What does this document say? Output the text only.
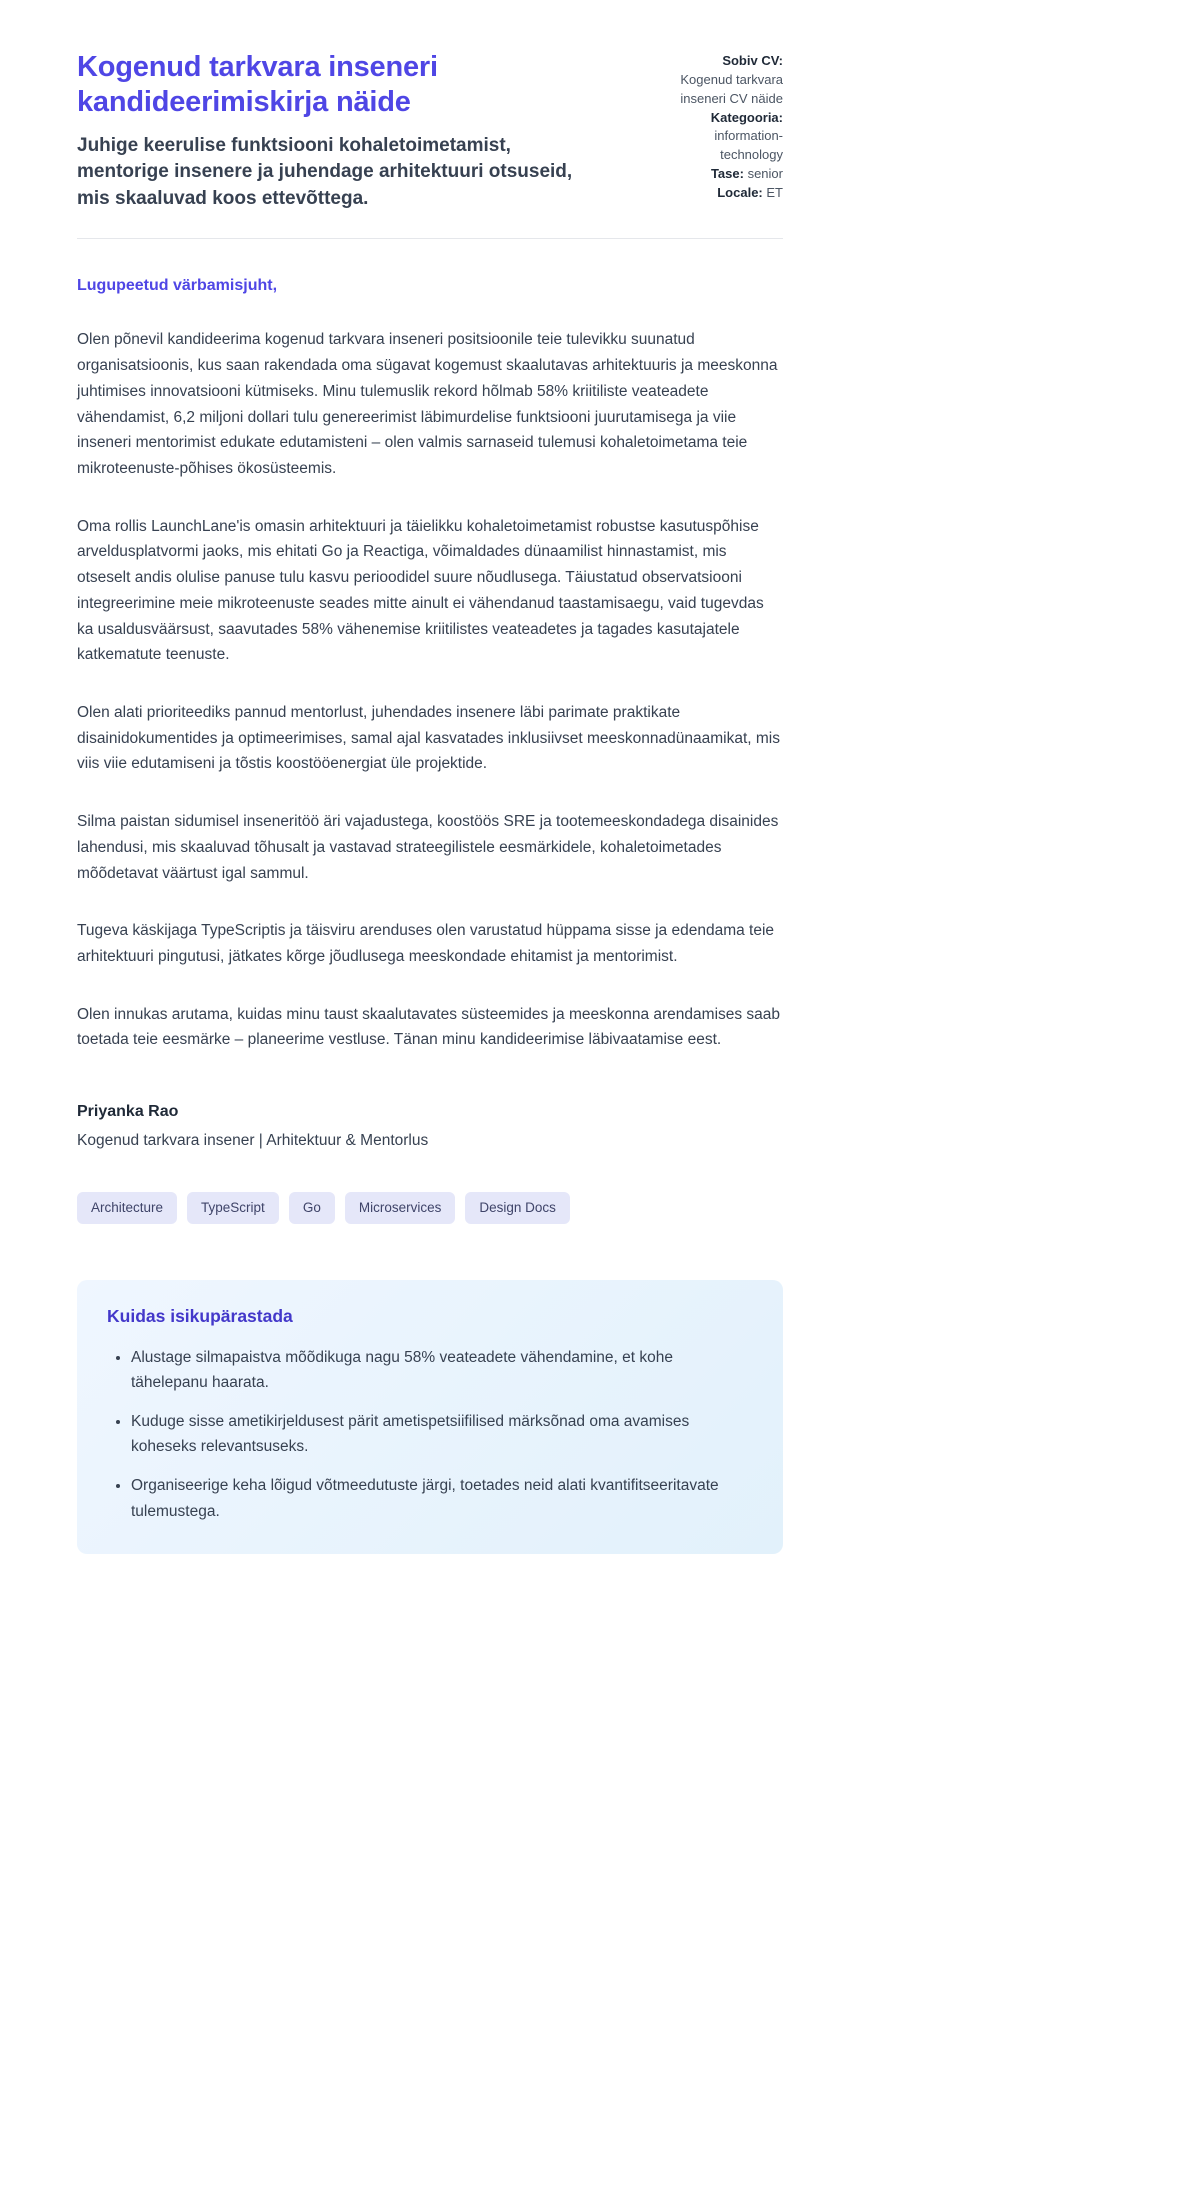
Kogenud tarkvara inseneri kandideerimiskirja näide

Juhige keerulise funktsiooni kohaletoimetamist, mentorige insenere ja juhendage arhitektuuri otsuseid, mis skaaluvad koos ettevõttega.

Sobiv CV:
Kogenud tarkvara inseneri CV näide
Kategooria:
information-technology
Tase: senior
Locale: ET

Lugupeetud värbamisjuht,

Olen põnevil kandideerima kogenud tarkvara inseneri positsioonile teie tulevikku suunatud organisatsioonis, kus saan rakendada oma sügavat kogemust skaalutavas arhitektuuris ja meeskonna juhtimises innovatsiooni kütmiseks. Minu tulemuslik rekord hõlmab 58% kriitiliste veateadete vähendamist, 6,2 miljoni dollari tulu genereerimist läbimurdelise funktsiooni juurutamisega ja viie inseneri mentorimist edukate edutamisteni – olen valmis sarnaseid tulemusi kohaletoimetama teie mikroteenuste-põhises ökosüsteemis.

Oma rollis LaunchLane'is omasin arhitektuuri ja täielikku kohaletoimetamist robustse kasutuspõhise arveldusplatvormi jaoks, mis ehitati Go ja Reactiga, võimaldades dünaamilist hinnastamist, mis otseselt andis olulise panuse tulu kasvu perioodidel suure nõudlusega. Täiustatud observatsiooni integreerimine meie mikroteenuste seades mitte ainult ei vähendanud taastamisaegu, vaid tugevdas ka usaldusväärsust, saavutades 58% vähenemise kriitilistes veateadetes ja tagades kasutajatele katkematute teenuste.

Olen alati prioriteediks pannud mentorlust, juhendades insenere läbi parimate praktikate disainidokumentides ja optimeerimises, samal ajal kasvatades inklusiivset meeskonnadünaamikat, mis viis viie edutamiseni ja tõstis koostööenergiat üle projektide.

Silma paistan sidumisel inseneritöö äri vajadustega, koostöös SRE ja tootemeeskondadega disainides lahendusi, mis skaaluvad tõhusalt ja vastavad strateegilistele eesmärkidele, kohaletoimetades mõõdetavat väärtust igal sammul.

Tugeva käskijaga TypeScriptis ja täisviru arenduses olen varustatud hüppama sisse ja edendama teie arhitektuuri pingutusi, jätkates kõrge jõudlusega meeskondade ehitamist ja mentorimist.

Olen innukas arutama, kuidas minu taust skaalutavates süsteemides ja meeskonna arendamises saab toetada teie eesmärke – planeerime vestluse. Tänan minu kandideerimise läbivaatamise eest.

Priyanka Rao

Kogenud tarkvara insener | Arhitektuur & Mentorlus

Architecture	TypeScript	Go	Microservices	Design Docs
Kuidas isikupärastada
• Alustage silmapaistva mõõdikuga nagu 58% veateadete vähendamine, et kohe tähelepanu haarata.
• Kuduge sisse ametikirjeldusest pärit ametispetsiifilised märksõnad oma avamises koheseks relevantsuseks.
• Organiseerige keha lõigud võtmeedutuste järgi, toetades neid alati kvantifitseeritavate tulemustega.
